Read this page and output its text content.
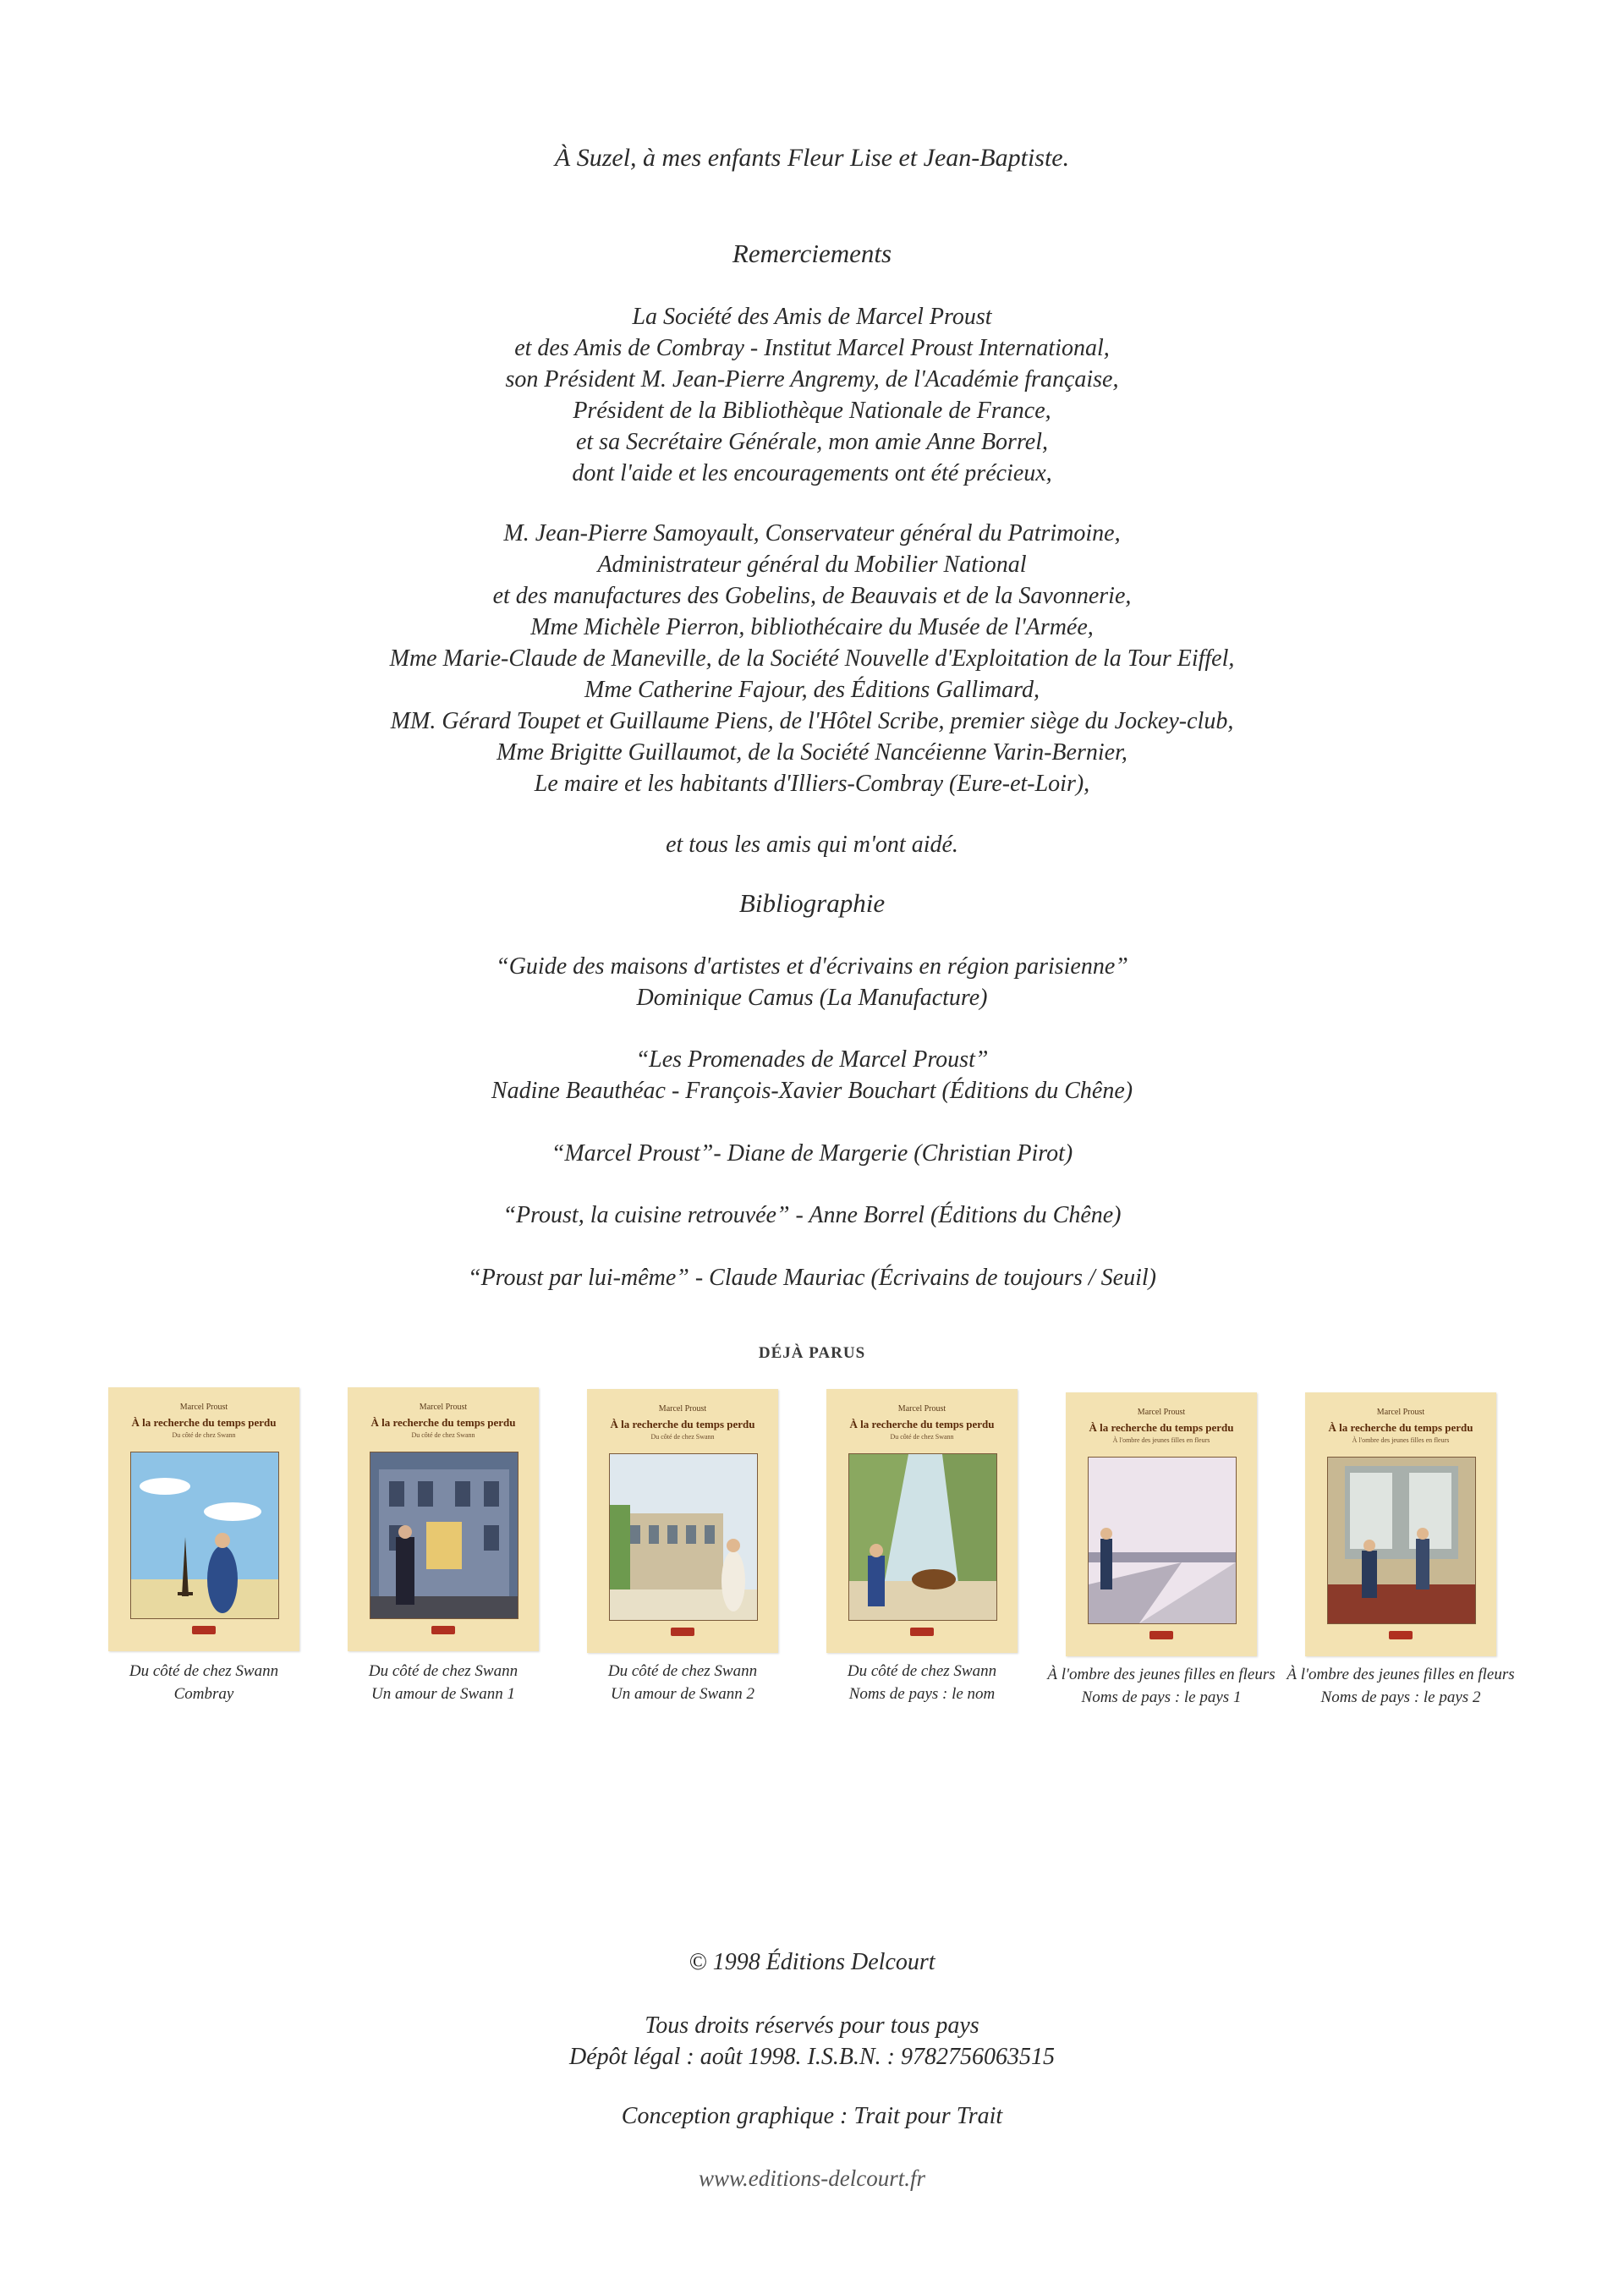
À Suzel, à mes enfants Fleur Lise et Jean-Baptiste.
Remerciements
La Société des Amis de Marcel Proust
et des Amis de Combray - Institut Marcel Proust International,
son Président M. Jean-Pierre Angremy, de l'Académie française,
Président de la Bibliothèque Nationale de France,
et sa Secrétaire Générale, mon amie Anne Borrel,
dont l'aide et les encouragements ont été précieux,
M. Jean-Pierre Samoyault, Conservateur général du Patrimoine,
Administrateur général du Mobilier National
et des manufactures des Gobelins, de Beauvais et de la Savonnerie,
Mme Michèle Pierron, bibliothécaire du Musée de l'Armée,
Mme Marie-Claude de Maneville, de la Société Nouvelle d'Exploitation de la Tour Eiffel,
Mme Catherine Fajour, des Éditions Gallimard,
MM. Gérard Toupet et Guillaume Piens, de l'Hôtel Scribe, premier siège du Jockey-club,
Mme Brigitte Guillaumot, de la Société Nancéienne Varin-Bernier,
Le maire et les habitants d'Illiers-Combray (Eure-et-Loir),
et tous les amis qui m'ont aidé.
Bibliographie
“Guide des maisons d'artistes et d'écrivains en région parisienne”
Dominique Camus (La Manufacture)
“Les Promenades de Marcel Proust”
Nadine Beauthéac - François-Xavier Bouchart (Éditions du Chêne)
“Marcel Proust”- Diane de Margerie (Christian Pirot)
“Proust, la cuisine retrouvée” - Anne Borrel (Éditions du Chêne)
“Proust par lui-même” - Claude Mauriac (Écrivains de toujours / Seuil)
DÉJÀ PARUS
Marcel Proust
À la recherche du temps perdu
Du côté de chez Swann
Du côté de chez Swann
Combray
Marcel Proust
À la recherche du temps perdu
Du côté de chez Swann
Du côté de chez Swann
Un amour de Swann 1
Marcel Proust
À la recherche du temps perdu
Du côté de chez Swann
Du côté de chez Swann
Un amour de Swann 2
Marcel Proust
À la recherche du temps perdu
Du côté de chez Swann
Du côté de chez Swann
Noms de pays : le nom
Marcel Proust
À la recherche du temps perdu
À l'ombre des jeunes filles en fleurs
À l'ombre des jeunes filles en fleurs
Noms de pays : le pays 1
Marcel Proust
À la recherche du temps perdu
À l'ombre des jeunes filles en fleurs
À l'ombre des jeunes filles en fleurs
Noms de pays : le pays 2
© 1998 Éditions Delcourt
Tous droits réservés pour tous pays
Dépôt légal : août 1998. I.S.B.N. : 9782756063515
Conception graphique : Trait pour Trait
www.editions-delcourt.fr
